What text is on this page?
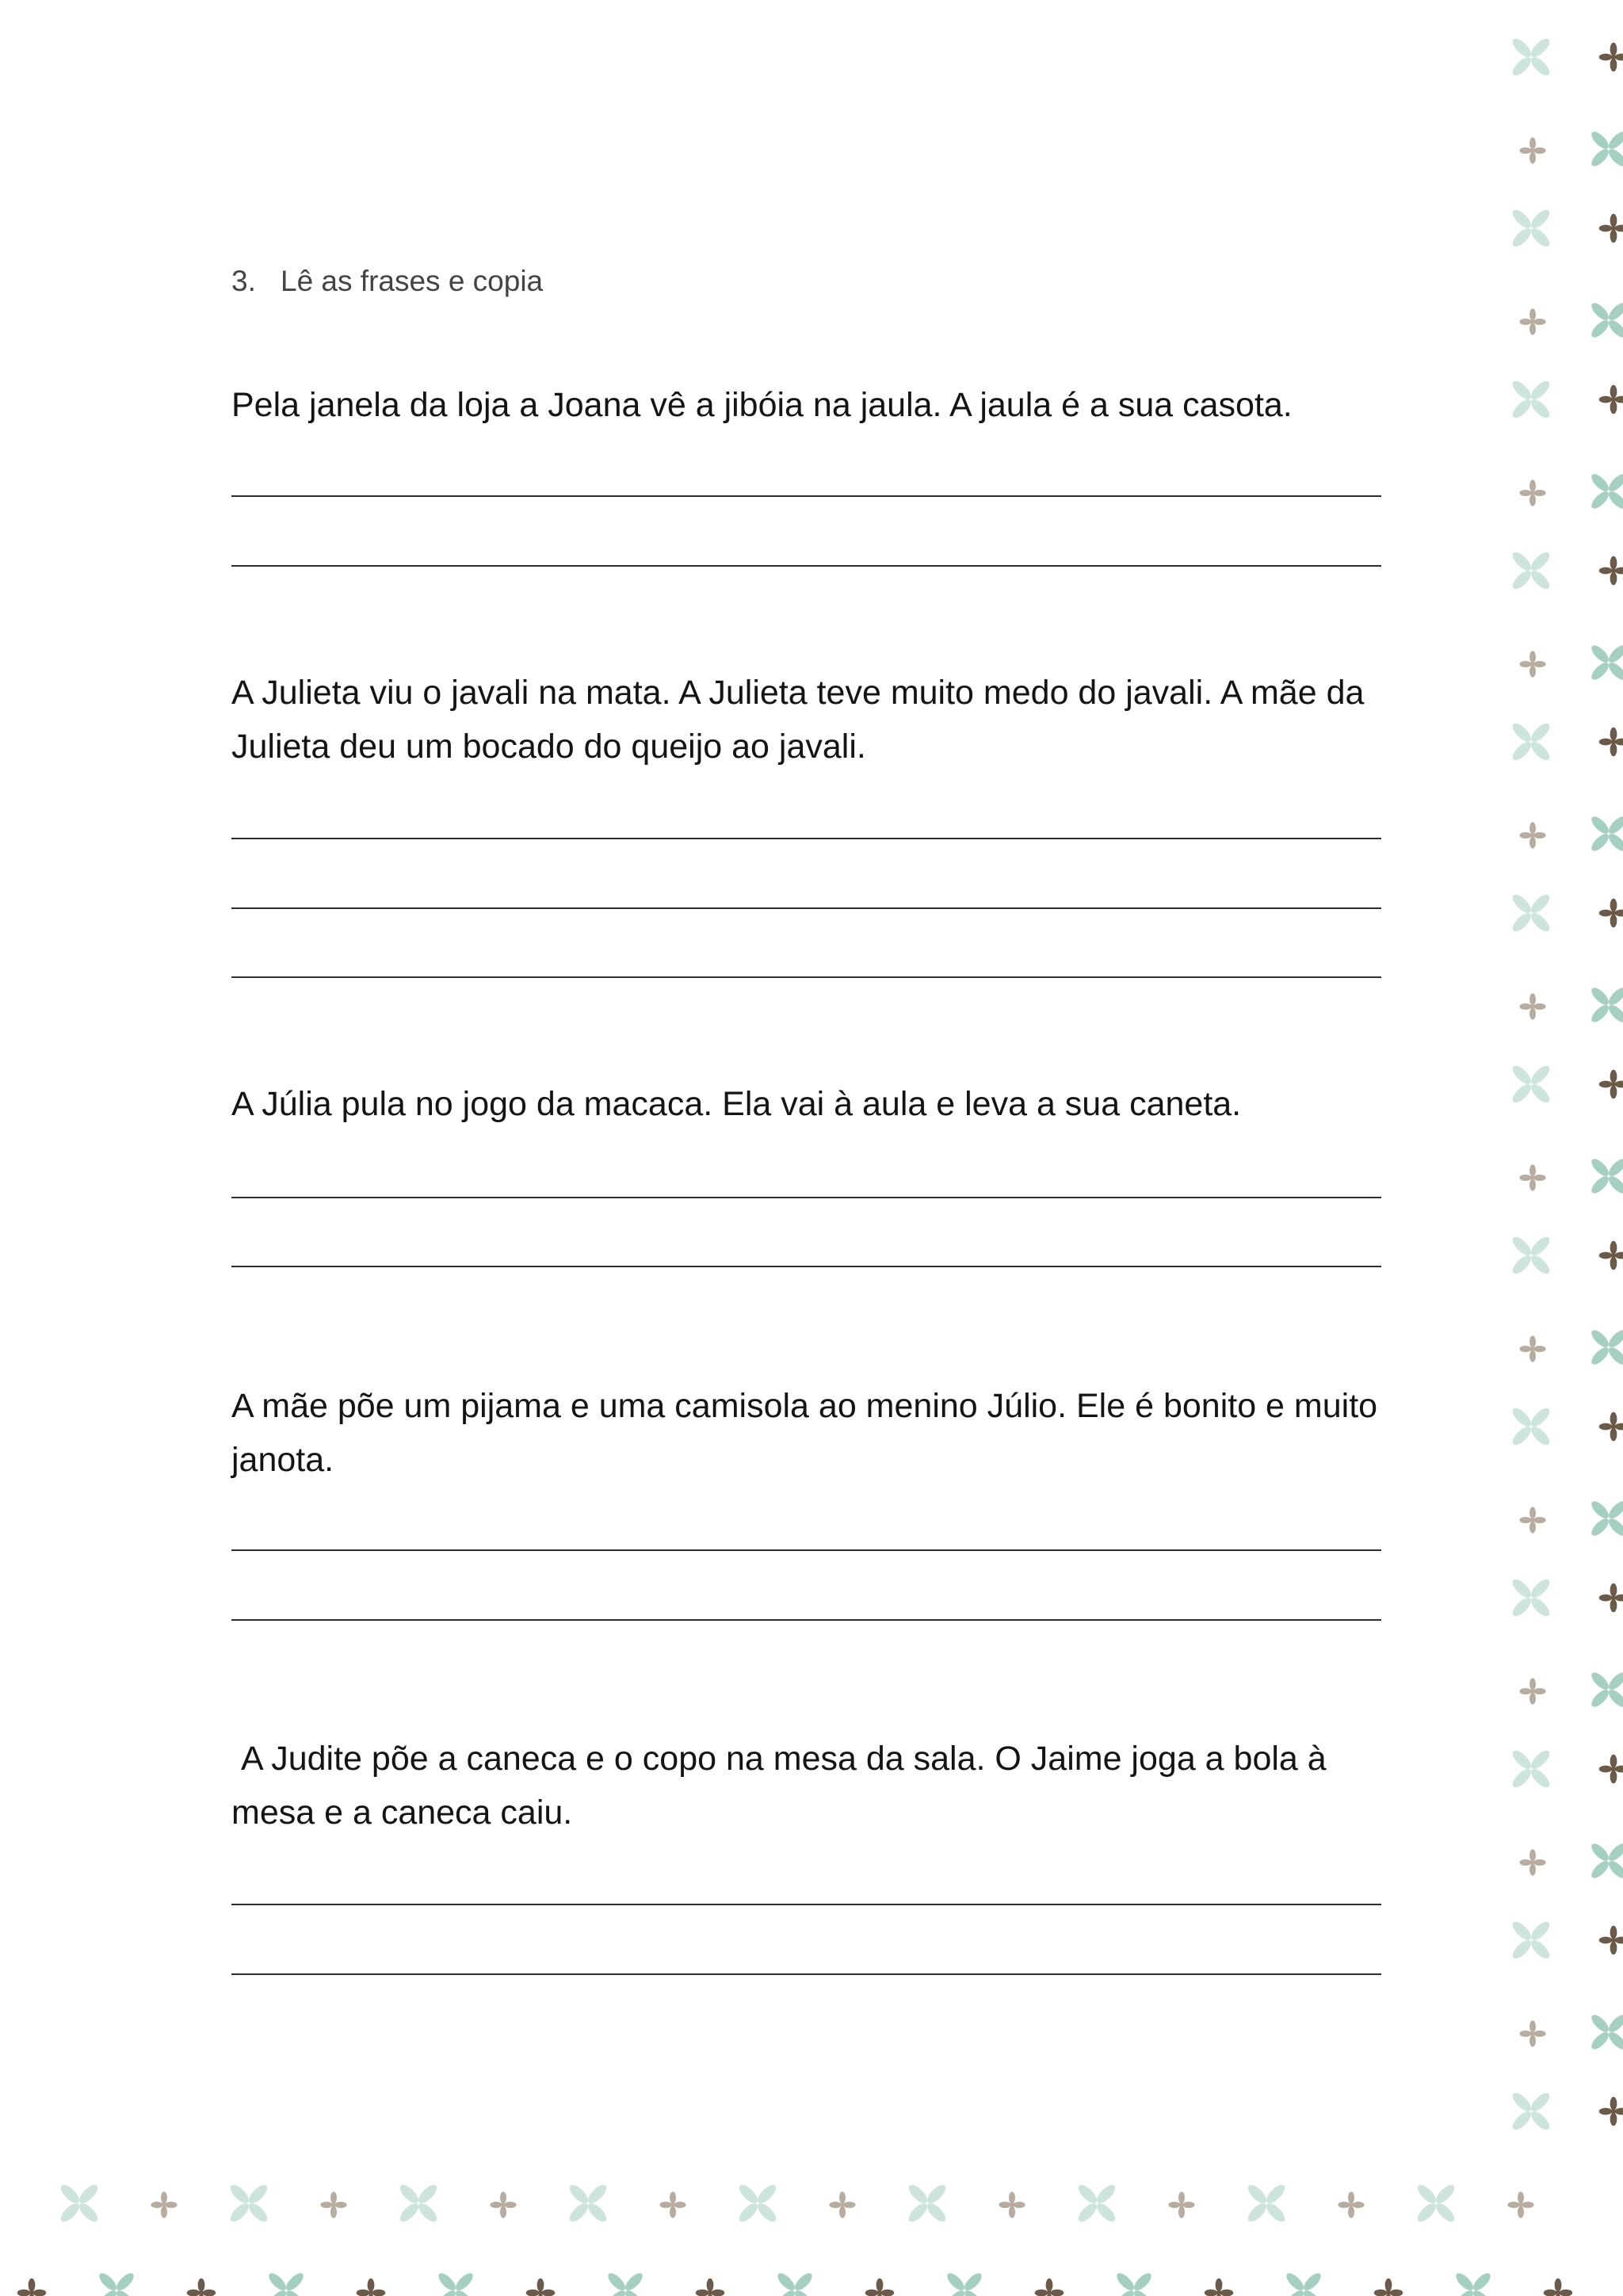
3. Lê as frases e copia
Pela janela da loja a Joana vê a jibóia na jaula. A jaula é a sua casota.
A Julieta viu o javali na mata. A Julieta teve muito medo do javali. A mãe da Julieta deu um bocado do queijo ao javali.
A Júlia pula no jogo da macaca. Ela vai à aula e leva a sua caneta.
A mãe põe um pijama e uma camisola ao menino Júlio. Ele é bonito e muito janota.
A Judite põe a caneca e o copo na mesa da sala. O Jaime joga a bola à mesa e a caneca caiu.
